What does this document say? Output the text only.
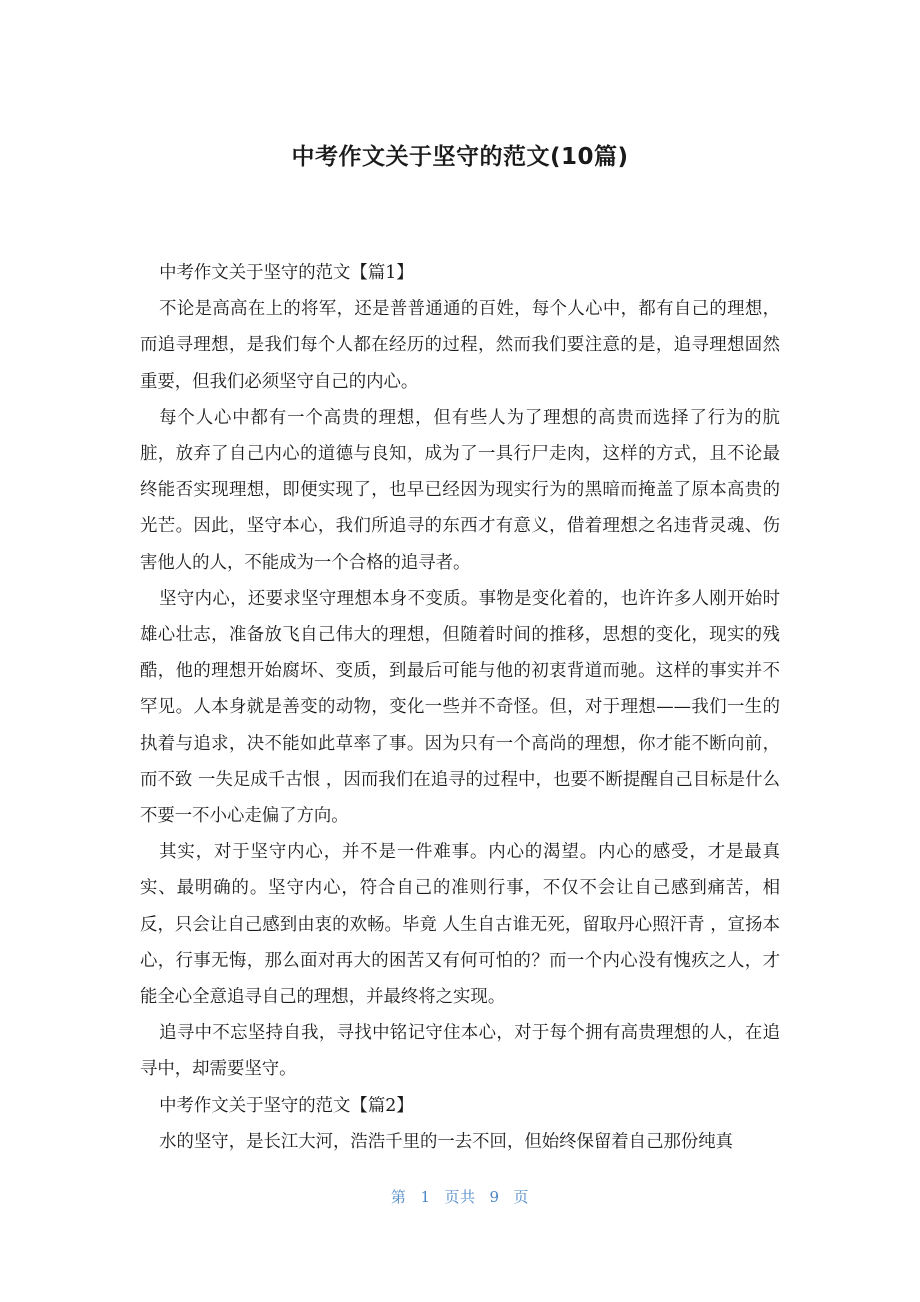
中考作文关于坚守的范文(10篇)

中考作文关于坚守的范文【篇1】

不论是高高在上的将军，还是普普通通的百姓，每个人心中，都有自己的理想，而追寻理想，是我们每个人都在经历的过程，然而我们要注意的是，追寻理想固然重要，但我们必须坚守自己的内心。

每个人心中都有一个高贵的理想，但有些人为了理想的高贵而选择了行为的肮脏，放弃了自己内心的道德与良知，成为了一具行尸走肉，这样的方式，且不论最终能否实现理想，即便实现了，也早已经因为现实行为的黑暗而掩盖了原本高贵的光芒。因此，坚守本心，我们所追寻的东西才有意义，借着理想之名违背灵魂、伤害他人的人，不能成为一个合格的追寻者。

坚守内心，还要求坚守理想本身不变质。事物是变化着的，也许许多人刚开始时雄心壮志，准备放飞自己伟大的理想，但随着时间的推移，思想的变化，现实的残酷，他的理想开始腐坏、变质，到最后可能与他的初衷背道而驰。这样的事实并不罕见。人本身就是善变的动物，变化一些并不奇怪。但，对于理想——我们一生的执着与追求，决不能如此草率了事。因为只有一个高尚的理想，你才能不断向前，而不致 一失足成千古恨 ，因而我们在追寻的过程中，也要不断提醒自己目标是什么不要一不小心走偏了方向。

其实，对于坚守内心，并不是一件难事。内心的渴望。内心的感受，才是最真实、最明确的。坚守内心，符合自己的准则行事，不仅不会让自己感到痛苦，相反，只会让自己感到由衷的欢畅。毕竟 人生自古谁无死，留取丹心照汗青 ，宣扬本心，行事无悔，那么面对再大的困苦又有何可怕的？而一个内心没有愧疚之人，才能全心全意追寻自己的理想，并最终将之实现。

追寻中不忘坚持自我，寻找中铭记守住本心，对于每个拥有高贵理想的人，在追寻中，却需要坚守。

中考作文关于坚守的范文【篇2】

水的坚守，是长江大河，浩浩千里的一去不回，但始终保留着自己那份纯真

第 1 页共 9 页
